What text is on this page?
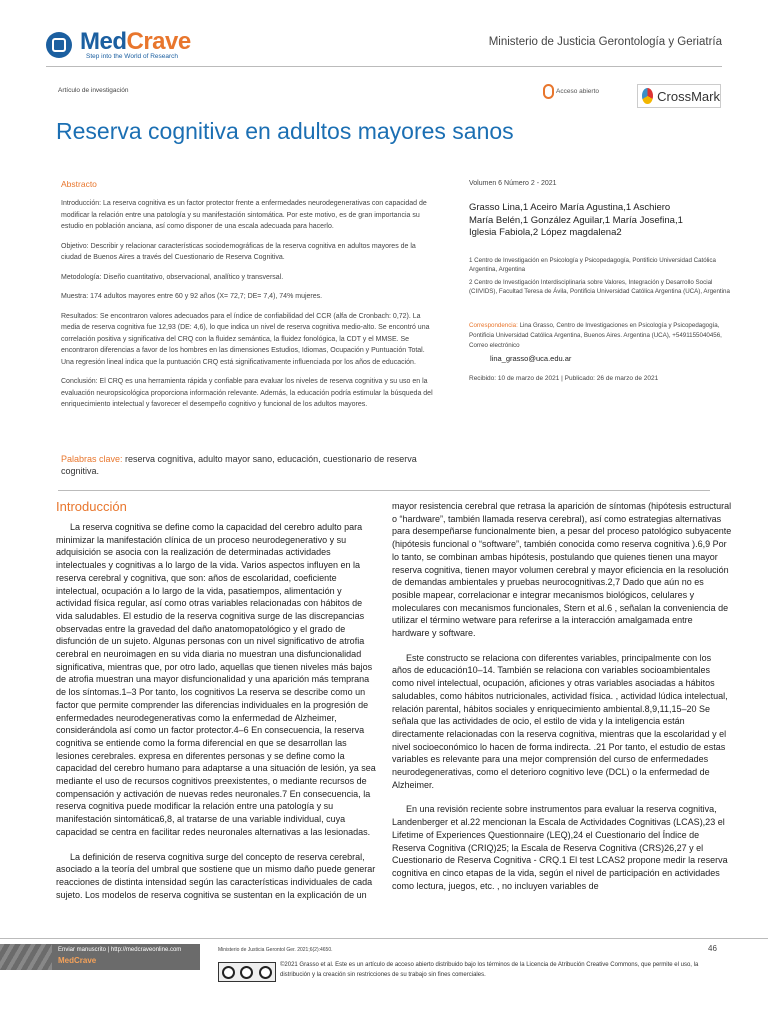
MedCrave
Step into the World of Research
Ministerio de Justicia Gerontología y Geriatría
Artículo de investigación	Acceso abierto	CrossMark
Reserva cognitiva en adultos mayores sanos
Abstracto

Introducción: La reserva cognitiva es un factor protector frente a enfermedades neurodegenerativas con capacidad de modificar la relación entre una patología y su manifestación sintomática. Por este motivo, es de gran importancia su estudio en población anciana, así como disponer de una escala adecuada para hacerlo.

Objetivo: Describir y relacionar características sociodemográficas de la reserva cognitiva en adultos mayores de la ciudad de Buenos Aires a través del Cuestionario de Reserva Cognitiva.

Metodología: Diseño cuantitativo, observacional, analítico y transversal.

Muestra: 174 adultos mayores entre 60 y 92 años (X= 72,7; DE= 7,4), 74% mujeres.

Resultados: Se encontraron valores adecuados para el índice de confiabilidad del CCR (alfa de Cronbach: 0,72). La media de reserva cognitiva fue 12,93 (DE: 4,6), lo que indica un nivel de reserva cognitiva medio-alto. Se encontró una correlación positiva y significativa del CRQ con la fluidez semántica, la fluidez fonológica, la CDT y el MMSE. Se encontraron diferencias a favor de los hombres en las dimensiones Estudios, Idiomas, Ocupación y Puntuación Total. Una regresión lineal indica que la puntuación CRQ está significativamente influenciada por los años de educación.

Conclusión: El CRQ es una herramienta rápida y confiable para evaluar los niveles de reserva cognitiva y su uso en la evaluación neuropsicológica proporciona información relevante. Además, la educación podría estimular la búsqueda del enriquecimiento intelectual y favorecer el desempeño cognitivo y funcional de los adultos mayores.

Palabras clave: reserva cognitiva, adulto mayor sano, educación, cuestionario de reserva cognitiva.
Volumen 6 Número 2 - 2021
Grasso Lina,1 Aceiro María Agustina,1 Aschiero María Belén,1 González Aguilar,1 María Josefina,1 Iglesia Fabiola,2 López magdalena2

1 Centro de Investigación en Psicología y Psicopedagogía, Pontificio Universidad Católica Argentina, Argentina

2 Centro de Investigación Interdisciplinaria sobre Valores, Integración y Desarrollo Social (CIIVIDS), Facultad Teresa de Ávila, Pontificia Universidad Católica Argentina (UCA), Argentina

Correspondencia: Lina Grasso, Centro de Investigaciones en Psicología y Psicopedagogía, Pontificia Universidad Católica Argentina, Buenos Aires. Argentina (UCA), +5491155040456, Correo electrónico
lina_grasso@uca.edu.ar
Recibido: 10 de marzo de 2021 | Publicado: 26 de marzo de 2021
Introducción

La reserva cognitiva se define como la capacidad del cerebro adulto para minimizar la manifestación clínica de un proceso neurodegenerativo y su adquisición se asocia con la realización de determinadas actividades intelectuales y cognitivas a lo largo de la vida. Varios aspectos influyen en la reserva cerebral y cognitiva, que son: años de escolaridad, coeficiente intelectual, ocupación a lo largo de la vida, pasatiempos, alimentación y actividad física regular, así como otras variables relacionadas con hábitos de vida saludables. El estudio de la reserva cognitiva surge de las discrepancias observadas entre la gravedad del daño anatomopatológico y el grado de disfunción de un sujeto. Algunas personas con un nivel significativo de atrofia cerebral en neuroimagen en su vida diaria no muestran una disfuncionalidad significativa, mientras que, por otro lado, aquellas que tienen niveles más bajos de atrofia muestran una mayor disfuncionalidad y una aparición más temprana de los síntomas.1–3 Por tanto, los cognitivos La reserva se describe como un factor que permite comprender las diferencias individuales en la progresión de enfermedades neurodegenerativas como la enfermedad de Alzheimer, considerándola así como un factor protector.4–6 En consecuencia, la reserva cognitiva se entiende como la forma diferencial en que se desarrollan las lesiones cerebrales. expresa en diferentes personas y se define como la capacidad del cerebro humano para adaptarse a una situación de lesión, ya sea mediante el uso de recursos cognitivos preexistentes, o mediante recursos de compensación y activación de nuevas redes neuronales.7 En consecuencia, la reserva cognitiva puede modificar la relación entre una patología y su manifestación sintomática6,8, al tratarse de una variable individual, cuya capacidad se centra en facilitar redes neuronales alternativas a las lesionadas.

La definición de reserva cognitiva surge del concepto de reserva cerebral, asociado a la teoría del umbral que sostiene que un mismo daño puede generar reacciones de distinta intensidad según las características individuales de cada sujeto. Los modelos de reserva cognitiva se sustentan en la explicación de un

mayor resistencia cerebral que retrasa la aparición de síntomas (hipótesis estructural o “hardware”, también llamada reserva cerebral), así como estrategias alternativas para desempeñarse funcionalmente bien, a pesar del proceso patológico subyacente (hipótesis funcional o “software”, también conocida como reserva cognitiva ).6,9 Por lo tanto, se combinan ambas hipótesis, postulando que quienes tienen una mayor reserva cognitiva, tienen mayor volumen cerebral y mayor eficiencia en la resolución de demandas ambientales y pruebas neurocognitivas.2,7 Dado que aún no es posible mapear, correlacionar e integrar mecanismos biológicos, celulares y moleculares con mecanismos funcionales, Stern et al.6 , señalan la conveniencia de utilizar el término wetware para referirse a la interacción amalgamada entre hardware y software.

Este constructo se relaciona con diferentes variables, principalmente con los años de educación10–14. También se relaciona con variables socioambientales como nivel intelectual, ocupación, aficiones y otras variables asociadas a hábitos saludables, como hábitos nutricionales, actividad física. , actividad lúdica intelectual, relación parental, hábitos sociales y enriquecimiento ambiental.8,9,11,15–20 Se señala que las actividades de ocio, el estilo de vida y la inteligencia están directamente relacionadas con la reserva cognitiva, mientras que la escolaridad y el nivel socioeconómico lo hacen de forma indirecta. .21 Por tanto, el estudio de estas variables es relevante para una mejor comprensión del curso de enfermedades neurodegenerativas, como el deterioro cognitivo leve (DCL) o la enfermedad de Alzheimer.

En una revisión reciente sobre instrumentos para evaluar la reserva cognitiva, Landenberger et al.22 mencionan la Escala de Actividades Cognitivas (LCAS),23 el Lifetime of Experiences Questionnaire (LEQ),24 el Cuestionario del Índice de Reserva Cognitiva (CRIQ)25; la Escala de Reserva Cognitiva (CRS)26,27 y el Cuestionario de Reserva Cognitiva - CRQ.1 El test LCAS2 propone medir la reserva cognitiva en cinco etapas de la vida, según el nivel de participación en actividades como lectura, juegos, etc. , no incluyen variables de

Enviar manuscrito | http://medcraveonline.com
MedCrave
Ministerio de Justicia Gerontol Ger. 2021;6(2):4650.	46
©2021 Grasso et al. Este es un artículo de acceso abierto distribuido bajo los términos de la Licencia de Atribución Creative Commons, que permite el uso, la distribución y la creación sin restricciones de su trabajo sin fines comerciales.
